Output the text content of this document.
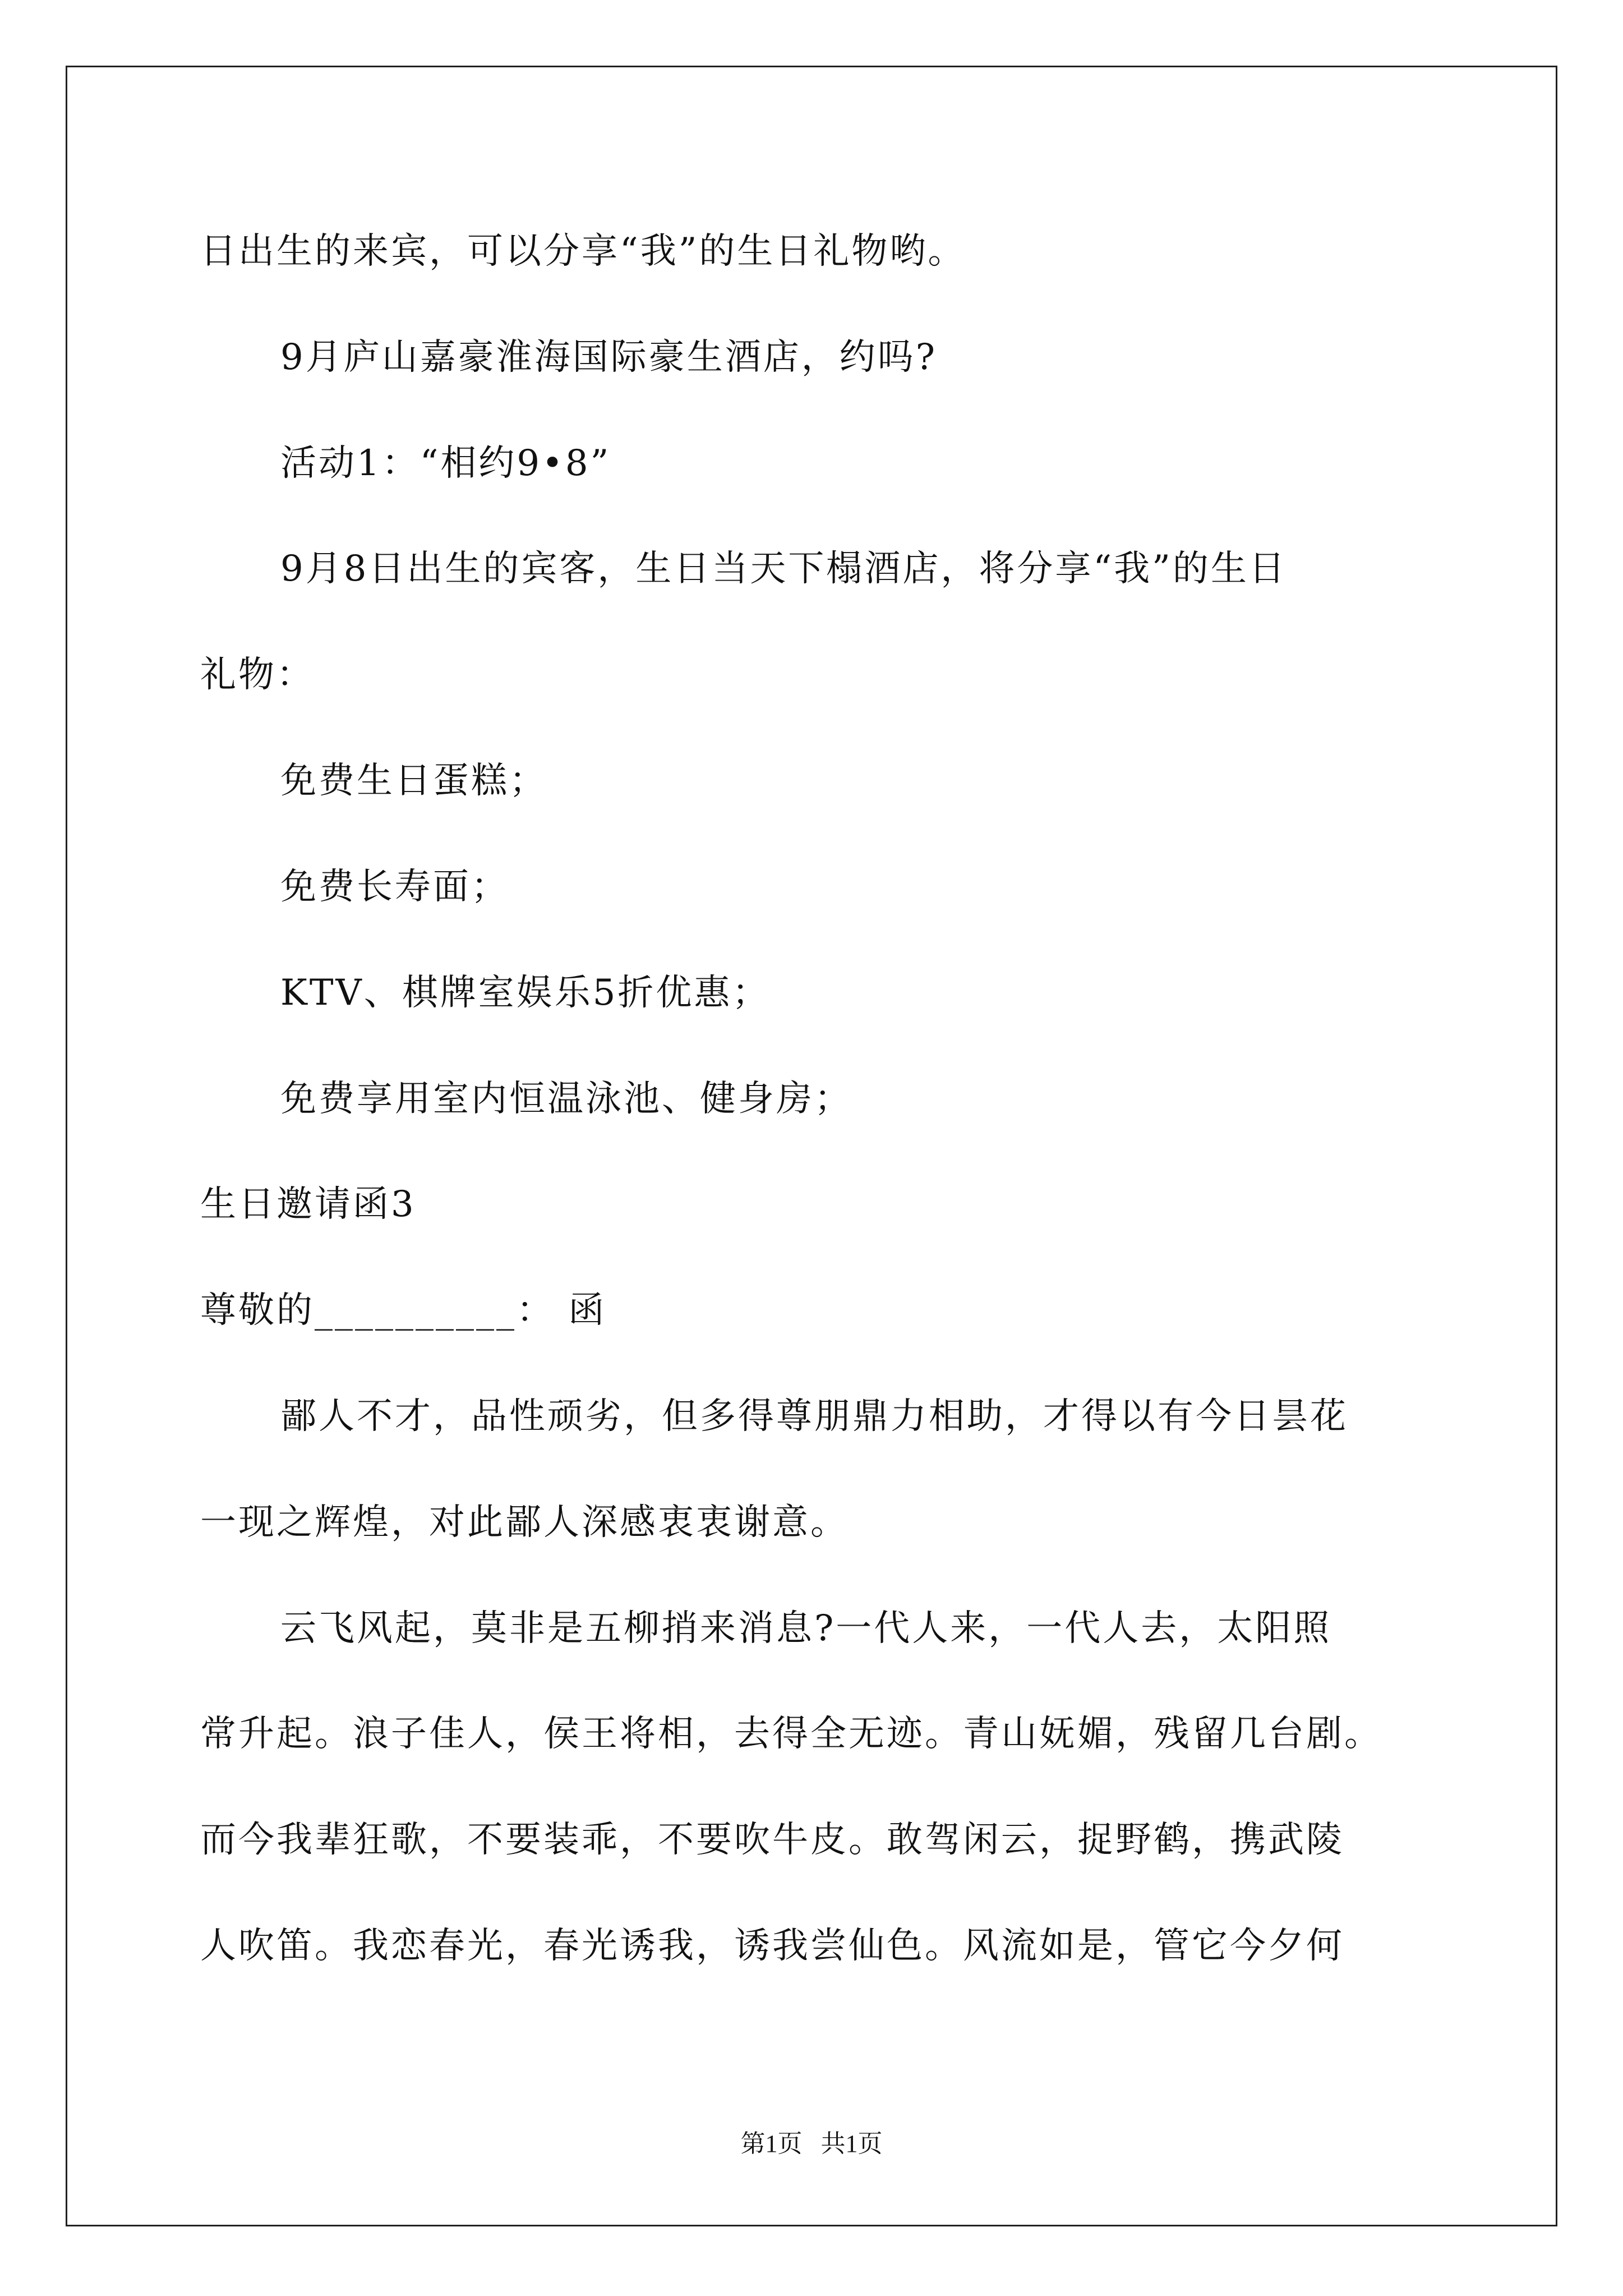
日出生的来宾，可以分享“我”的生日礼物哟。
9月庐山嘉豪淮海国际豪生酒店，约吗?
活动1：“相约9•8”
9月8日出生的宾客，生日当天下榻酒店，将分享“我”的生日
礼物：
免费生日蛋糕；
免费长寿面；
KTV、棋牌室娱乐5折优惠；
免费享用室内恒温泳池、健身房；
生日邀请函3
尊敬的__________： 函
鄙人不才，品性顽劣，但多得尊朋鼎力相助，才得以有今日昙花
一现之辉煌，对此鄙人深感衷衷谢意。
云飞风起，莫非是五柳捎来消息?一代人来，一代人去，太阳照
常升起。浪子佳人，侯王将相，去得全无迹。青山妩媚，残留几台剧。
而今我辈狂歌，不要装乖，不要吹牛皮。敢驾闲云，捉野鹤，携武陵
人吹笛。我恋春光，春光诱我，诱我尝仙色。风流如是，管它今夕何
第1页   共1页
